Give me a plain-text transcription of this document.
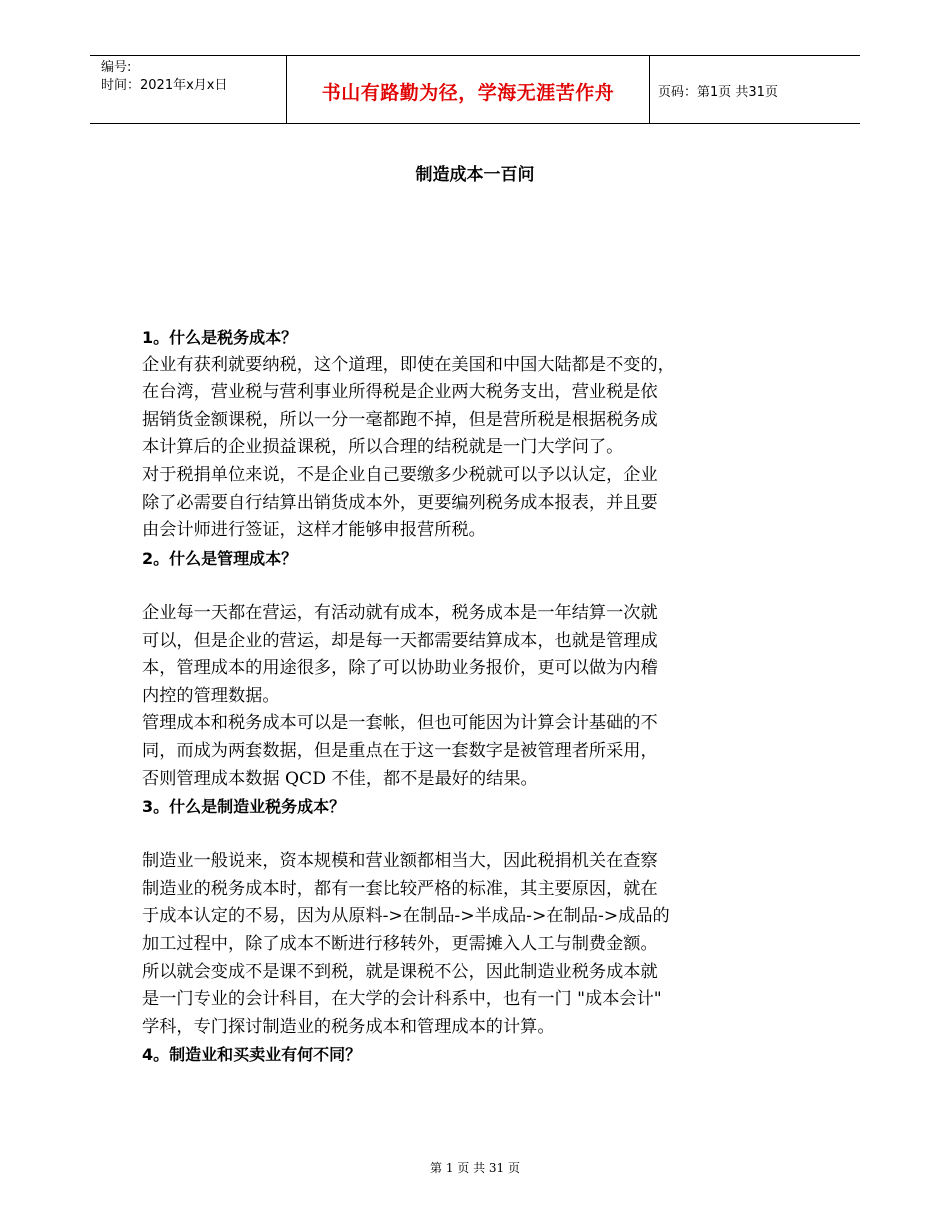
编号:
时间：2021年x月x日	书山有路勤为径，学海无涯苦作舟	页码：第1页 共31页
制造成本一百问
1。什么是税务成本？
企业有获利就要纳税，这个道理，即使在美国和中国大陆都是不变的，
在台湾，营业税与营利事业所得税是企业两大税务支出，营业税是依
据销货金额课税，所以一分一毫都跑不掉，但是营所税是根据税务成
本计算后的企业损益课税，所以合理的结税就是一门大学问了。
对于税捐单位来说，不是企业自己要缴多少税就可以予以认定，企业
除了必需要自行结算出销货成本外，更要编列税务成本报表，并且要
由会计师进行签证，这样才能够申报营所税。
2。什么是管理成本？
企业每一天都在营运，有活动就有成本，税务成本是一年结算一次就
可以，但是企业的营运，却是每一天都需要结算成本，也就是管理成
本，管理成本的用途很多，除了可以协助业务报价，更可以做为内稽
内控的管理数据。
管理成本和税务成本可以是一套帐，但也可能因为计算会计基础的不
同，而成为两套数据，但是重点在于这一套数字是被管理者所采用，
否则管理成本数据 QCD 不佳，都不是最好的结果。
3。什么是制造业税务成本？
制造业一般说来，资本规模和营业额都相当大，因此税捐机关在查察
制造业的税务成本时，都有一套比较严格的标准，其主要原因，就在
于成本认定的不易，因为从原料->在制品->半成品->在制品->成品的
加工过程中，除了成本不断进行移转外，更需摊入人工与制费金额。
所以就会变成不是课不到税，就是课税不公，因此制造业税务成本就
是一门专业的会计科目，在大学的会计科系中，也有一门 "成本会计"
学科，专门探讨制造业的税务成本和管理成本的计算。
4。制造业和买卖业有何不同？
第 1 页 共 31 页
